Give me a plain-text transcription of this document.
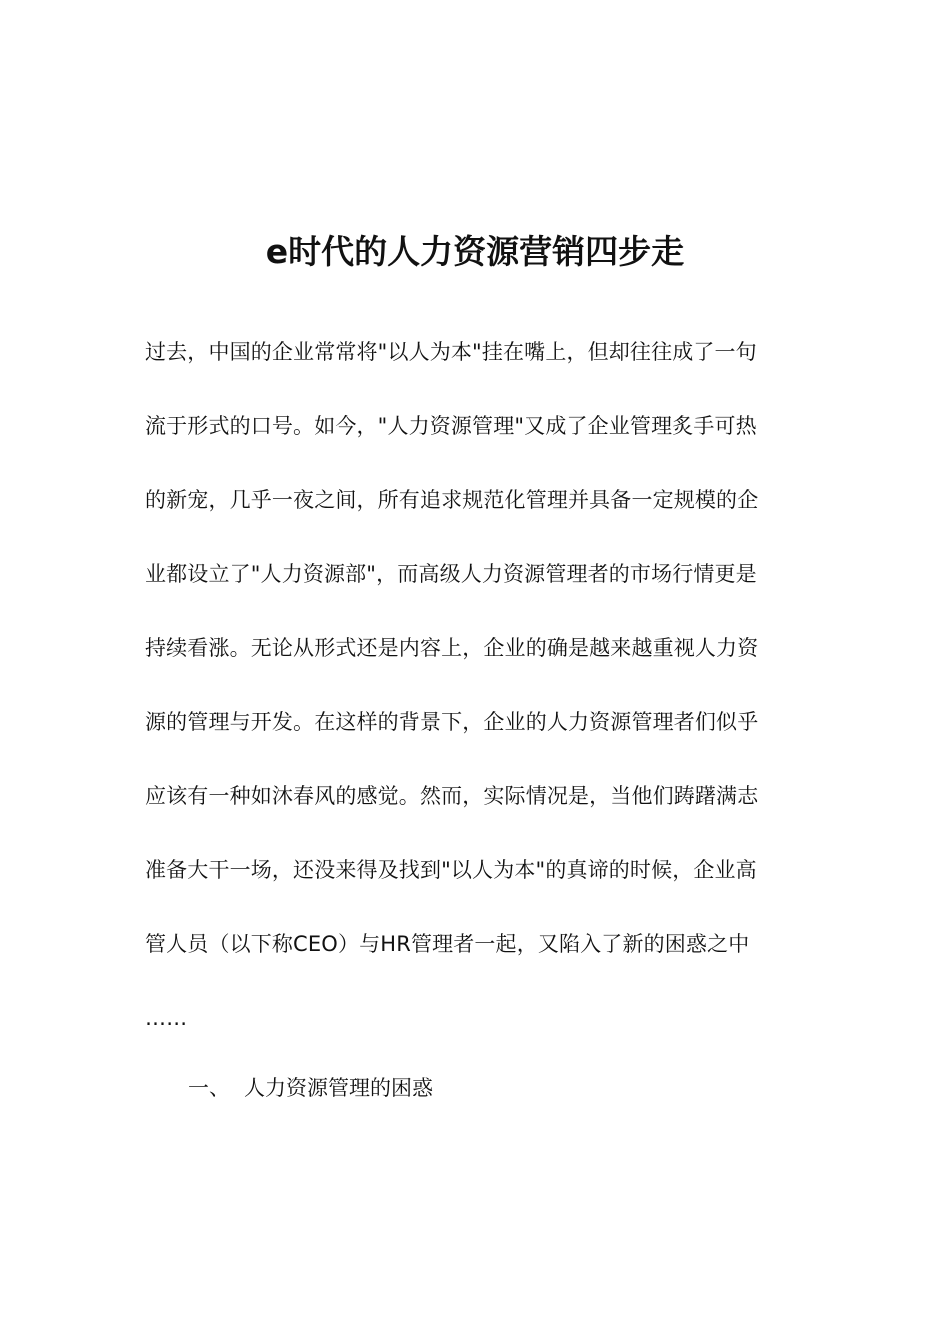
e时代的人力资源营销四步走
过去，中国的企业常常将"以人为本"挂在嘴上，但却往往成了一句
流于形式的口号。如今，"人力资源管理"又成了企业管理炙手可热
的新宠，几乎一夜之间，所有追求规范化管理并具备一定规模的企
业都设立了"人力资源部"，而高级人力资源管理者的市场行情更是
持续看涨。无论从形式还是内容上，企业的确是越来越重视人力资
源的管理与开发。在这样的背景下，企业的人力资源管理者们似乎
应该有一种如沐春风的感觉。然而，实际情况是，当他们踌躇满志
准备大干一场，还没来得及找到"以人为本"的真谛的时候，企业高
管人员（以下称CEO）与HR管理者一起，又陷入了新的困惑之中
……
一、 人力资源管理的困惑
